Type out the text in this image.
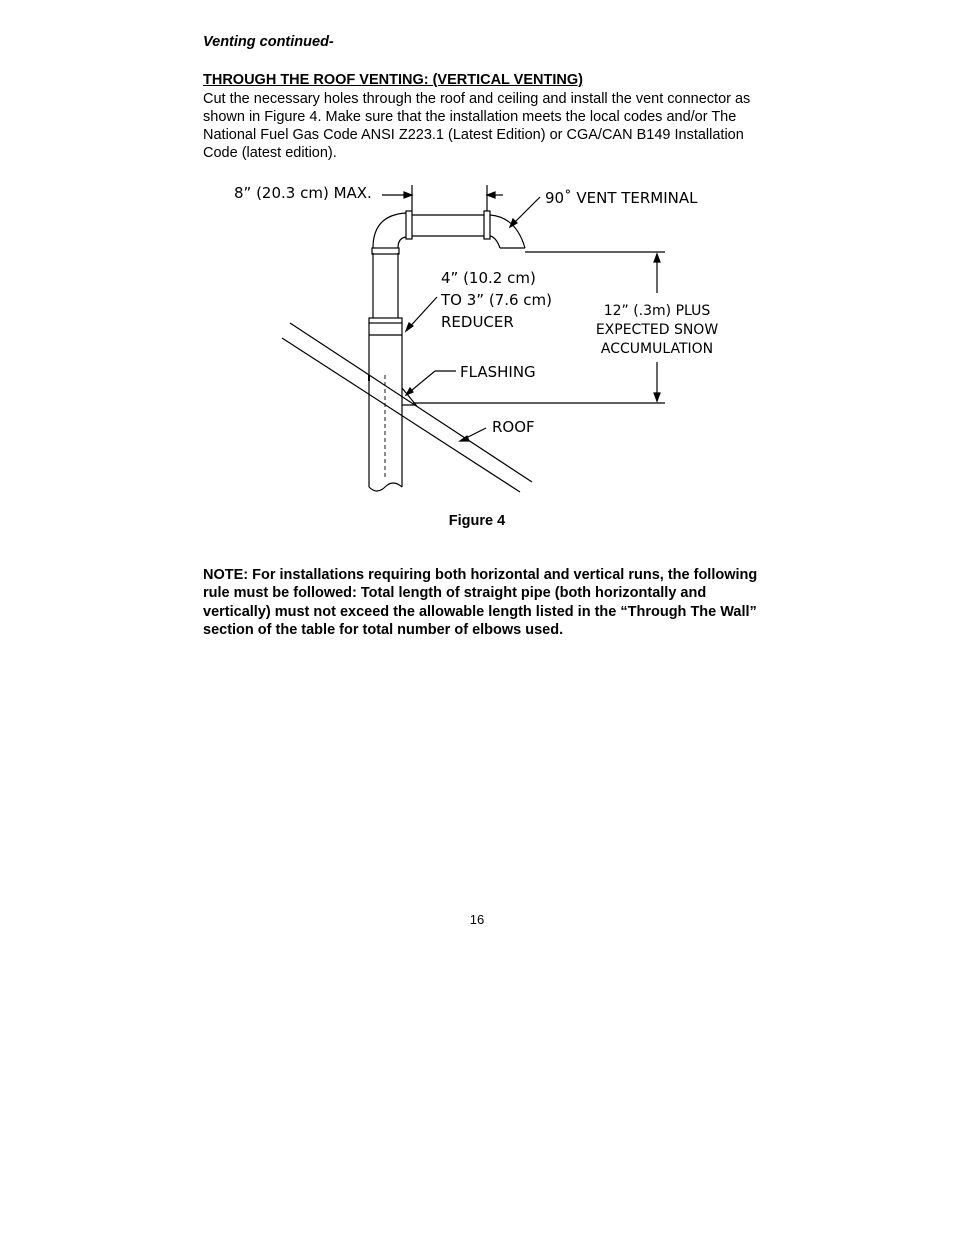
Venting continued-

THROUGH THE ROOF VENTING: (VERTICAL VENTING)

Cut the necessary holes through the roof and ceiling and install the vent connector as shown in Figure 4. Make sure that the installation meets the local codes and/or The National Fuel Gas Code ANSI Z223.1 (Latest Edition) or CGA/CAN B149 Installation Code (latest edition).

8” (20.3 cm) MAX.	90˚ VENT TERMINAL
4” (10.2 cm)
TO 3” (7.6 cm)
REDUCER
12” (.3m) PLUS
EXPECTED SNOW
ACCUMULATION
FLASHING
ROOF

Figure 4

NOTE: For installations requiring both horizontal and vertical runs, the following rule must be followed: Total length of straight pipe (both horizontally and vertically) must not exceed the allowable length listed in the “Through The Wall” section of the table for total number of elbows used.

16
